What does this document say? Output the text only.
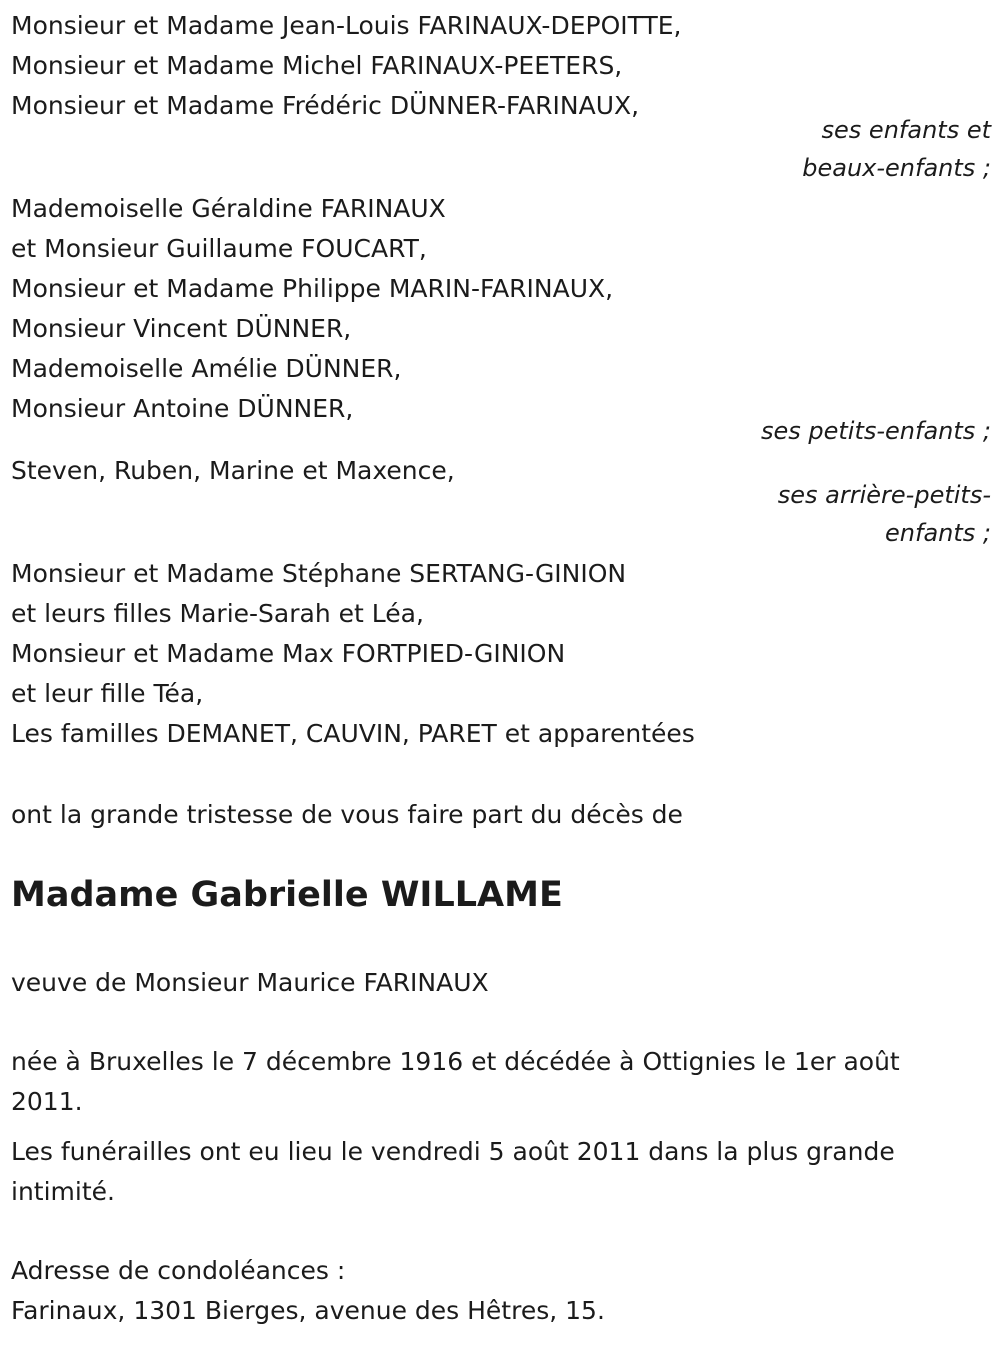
Monsieur et Madame Jean-Louis FARINAUX-DEPOITTE,
Monsieur et Madame Michel FARINAUX-PEETERS,
Monsieur et Madame Frédéric DÜNNER-FARINAUX,
ses enfants et
beaux-enfants ;
Mademoiselle Géraldine FARINAUX
et Monsieur Guillaume FOUCART,
Monsieur et Madame Philippe MARIN-FARINAUX,
Monsieur Vincent DÜNNER,
Mademoiselle Amélie DÜNNER,
Monsieur Antoine DÜNNER,
ses petits-enfants ;
Steven, Ruben, Marine et Maxence,
ses arrière-petits-
enfants ;
Monsieur et Madame Stéphane SERTANG-GINION
et leurs filles Marie-Sarah et Léa,
Monsieur et Madame Max FORTPIED-GINION
et leur fille Téa,
Les familles DEMANET, CAUVIN, PARET et apparentées
ont la grande tristesse de vous faire part du décès de
Madame Gabrielle WILLAME
veuve de Monsieur Maurice FARINAUX
née à Bruxelles le 7 décembre 1916 et décédée à Ottignies le 1er août 2011.
Les funérailles ont eu lieu le vendredi 5 août 2011 dans la plus grande intimité.
Adresse de condoléances :
Farinaux, 1301 Bierges, avenue des Hêtres, 15.
